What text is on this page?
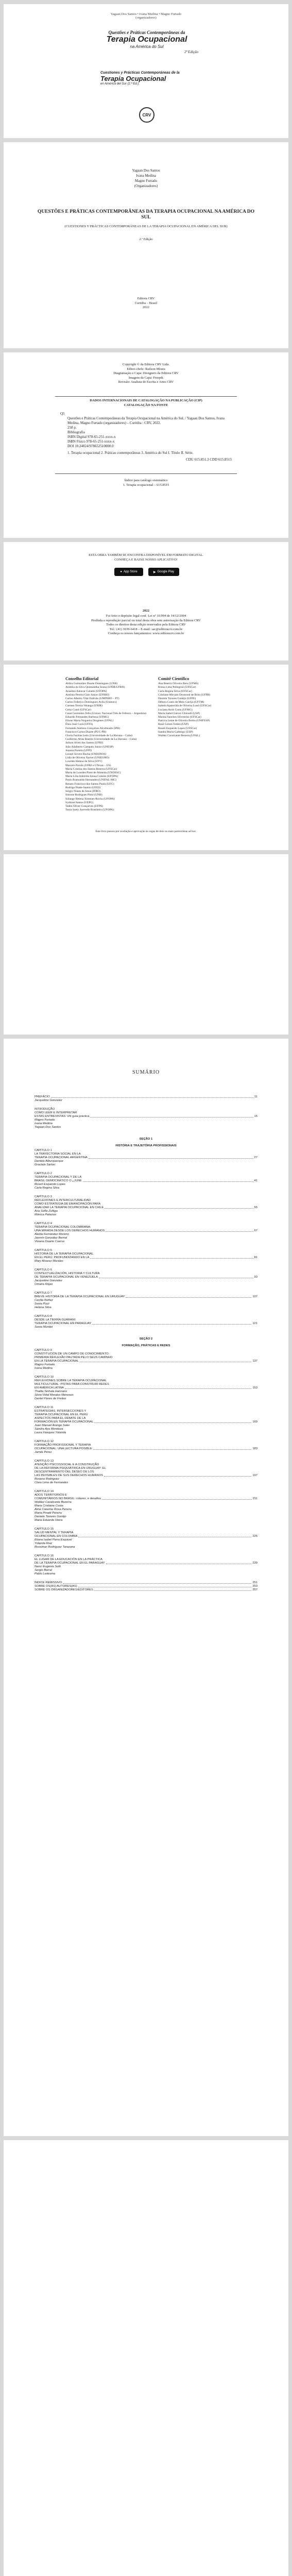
Yagaan Dos Santos • Ivana Medina • Magno Furtado
(organizadores)
Questões e Práticas Contemporâneas da
Terapia Ocupacional
na América do Sul
2ª Edição
Cuestiones y Prácticas Contemporáneas de la
Terapia Ocupacional
en América del Sur (2.ª Ed.)
CRV
Yagaan Dos Santos
Ivana Medina
Magno Furtado
(Organizadores)
QUESTÕES E PRÁTICAS CONTEMPORÂNEAS DA TERAPIA OCUPACIONAL NA AMÉRICA DO SUL
(CUESTIONES Y PRÁCTICAS CONTEMPORÁNEAS DE LA TERAPIA OCUPACIONAL EN AMÉRICA DEL SUR)
2.ª Edição
Editora CRV
Curitiba – Brasil
2022
Copyright © da Editora CRV Ltda.
Editor-chefe: Railson Moura
Diagramação e Capa: Designers da Editora CRV
Imagem da Capa: Freepik
Revisão: Analista de Escrita e Artes CRV
DADOS INTERNACIONAIS DE CATALOGAÇÃO NA PUBLICAÇÃO (CIP)
CATALOGAÇÃO NA FONTE
Q5
Questões e Práticas Contemporâneas da Terapia Ocupacional na América do Sul. / Yagaan Dos Santos, Ivana Medina, Magno Furtado (organizadores) – Curitiba : CRV, 2022.
258 p.
Bibliografia
ISBN Digital 978-65-251-xxxx-x
ISBN Físico 978-65-251-xxxx-x
DOI 10.24824/978652510000.0
1. Terapia ocupacional 2. Práticas contemporâneas 3. América do Sul I. Título II. Série.
CDU 615.851.3 CDD 615.8515
Índice para catálogo sistemático
1. Terapia ocupacional – 615.8515
ESTA OBRA TAMBÉM SE ENCONTRA DISPONÍVEL EM FORMATO DIGITAL.
CONHEÇA E BAIXE NOSSO APLICATIVO!
● App Store	▶ Google Play
2022
Foi feito o depósito legal conf. Lei nº 10.994 de 14/12/2004
Proibida a reprodução parcial ou total desta obra sem autorização da Editora CRV
Todos os direitos desta edição reservados pela Editora CRV
Tel.: (41) 3039-6418 – E-mail: sac@editoracrv.com.br
Conheça os nossos lançamentos: www.editoracrv.com.br
Conselho Editorial
Aldira Guimarães Duarte Domínguez (UNB)
Andréia da Silva Quintanilha Sousa (UNIR/UFRN)
Anselmo Alencar Colares (UFOPA)
Antônio Pereira Gaio Júnior (UFRRJ)
Carlos Alberto Vilar Estêvão (UMINHO – PT)
Carlos Federico Dominguez Avila (Unieuro)
Carmen Tereza Velanga (UNIR)
Celso Conti (UFSCar)
Cesar Gerónimo Tello (Univer. Nacional Três de Febrero – Argentina)
Eduardo Fernandes Barbosa (UFMG)
Elione Maria Nogueira Diogenes (UFAL)
Élsio José Corá (UFFS)
Fernando Antônio Gonçalves Alcoforado (IPB)
Francisco Carlos Duarte (PUC-PR)
Gloria Fariñas León (Universidade de La Havana – Cuba)
Guillermo Arias Beatón (Universidade de La Havana – Cuba)
Jailson Alves dos Santos (UFRJ)
João Adalberto Campato Junior (UNESP)
Josania Portela (UFPI)
Leonel Severo Rocha (UNISINOS)
Lídia de Oliveira Xavier (UNIEURO)
Lourdes Helena da Silva (UFV)
Marcelo Paixão (UFRJ e UTexas – US)
Maria Cristina dos Santos Bezerra (UFSCar)
Maria de Lourdes Pinto de Almeida (UNOESC)
Maria Lília Imbiriba Sousa Colares (UFOPA)
Paulo Romualdo Hernandes (UNIFAL-MG)
Renato Francisco dos Santos Paula (UFG)
Rodrigo Pratte-Santos (UFES)
Sérgio Nunes de Jesus (IFRO)
Simone Rodrigues Pinto (UNB)
Solange Helena Ximenes-Rocha (UFOPA)
Sydione Santos (UEPG)
Tadeu Oliver Gonçalves (UFPA)
Tania Suely Azevedo Brasileiro (UFOPA)
Comitê Científico
Ana Beatriz Oliveira Reis (UFMS)
Bruna Lima Pellegrini (UFSCar)
Carla Regina Silva (UFSCar)
Cristiane Miryam Drumond de Brito (UFPB)
Daniela Tavares Gontijo (UFPE)
Débora Couto de Melo Carrijo (UFTM)
Isabela Aparecida de Oliveira Lussi (UFSCar)
Luciana Assis Costa (UFMG)
Maria Isabel Garcez Ghirardi (USP)
Marina Sanches Silvestrini (UFSCar)
Patrícia Leme de Oliveira Borba (UNIFESP)
Rosé Colom Toldrá (USP)
Roseli Esquerdo Lopes (UFSCar)
Sandra Maria Galheigo (USP)
Waldez Cavalcante Bezerra (UFAL)
Este livro passou por avaliação e aprovação às cegas de dois ou mais pareceristas ad hoc.
SUMÁRIO
PREFÁCIO	11
Jacqueline Gonzalez
INTRODUÇÃO
COMO LEER E INTERPRETAR
ESTAS ENTREVISTAS: UN guía práctica	15
Magno Furtado
Ivana Medina
Yagaan Dos Santos
SEÇÃO 1
HISTÓRIA E TRAJETÓRIA PROFISSIONAIS
CAPÍTULO 1
LA TRAYECTORIA SOCIAL EN LA
TERAPIA OCUPACIONAL ARGENTINA	27
Daniela Alburquerque
Graciela Sartori
CAPÍTULO 2
TERAPIA OCUPACIONAL Y DE LA
BRASIL DEMOCRÁTICO O ¿JUNE	41
Roseli Esquerdo Lopes
Carla Regina Silva
CAPÍTULO 3
REFLEXIONES E INTERCULTURALIDAD
COMO ESTRATEGIA DE EMANCIPACIÓN PARA
ANALIZAR LA TERAPIA OCUPACIONAL EN CHILE	55
Ana Sofía Zuñiga
Mónica Palacios
CAPÍTULO 4
TERAPIA OCUPACIONAL COLOMBIANA:
UNA MIRADA DESDE LOS DERECHOS HUMANOS	67
Aleida Fernández Moreno
Jasmín González Bernal
Viviana Duarte Cuervo
CAPÍTULO 5
HISTORIA DE LA TERAPIA OCUPACIONAL
EN EL PERÚ: PROFUNDIZANDO EN LA	81
Mary Alvarez Morales
CAPÍTULO 6
CONTEXTUALIZACIÓN, HISTORIA Y CULTURA
DE TERAPIA OCUPACIONAL EN VENEZUELA	93
Jacqueline Gonzalez
Omaira Rojas
CAPÍTULO 7
BREVE HISTORIA DE LA TERAPIA OCUPACIONAL EN URUGUAY	107
Cecilia Núñez
Sonia Pizzi
Helena Silva
CAPÍTULO 8
DESDE LA TIERRA GUARANÍ:
TERAPIA OCUPACIONAL EN PARAGUAY	121
Sonia Montiel
SEÇÃO 2
FORMAÇÃO, PRÁTICAS E REDES
CAPÍTULO 9
CONSTITUCIÓN DE UN CAMPO DE CONOCIMIENTO:
PRIMEIRA REFLEXÃO PAUTADA PELO SEUS CAMINHO
EN LA TERAPIA OCUPACIONAL	137
Magno Furtado
Ivana Medina
CAPÍTULO 10
REFLEXIONES SOBRE LA TERAPIA OCUPACIONAL
MULTICULTURAL: PISTAS PARA CONSTRUIR REDES
EN AMÉRICA LATINA	153
Thalita Sinhala Hannans
Silvia Vidal Morales Meneses
Daniel Flores de Freitas
CAPÍTULO 11
ESTRATEGIAS, INTERSECCIONES Y
TERAPIA OCUPACIONAL EN EL PERÚ
ASPECTOS PARA EL DEBATE DE LA
FORMACIÓN EN TERAPIA OCUPACIONAL	169
Juan Manuel Arango Soler
Sandra Aya Mendoza
Laura Vasquez Yolanda
CAPÍTULO 12
FORMAÇÃO PROFISSIONAL Y TERAPIA
OCUPACIONAL: UNA LECTURA POSIBLE	183
Jamile Pérez
CAPÍTULO 13
ATENÇÃO PSICOSSOCIAL E A CONSTRUÇÃO
DE LA REFORMA PSIQUIÁTRICA EN URUGUAY: EL
DESCENTRAMIENTO DEL DESEO DE LOS
LAS INVISIBLES DE SUS DERECHOS HUMANOS	197
Rosana Rodriguez
Clara Lima de Fernandes
CAPÍTULO 14
ADOS TERRITORIOS E
COMUNITÁRIOS NO BRASIL: colares, e desafios	211
Waldez Cavalcante Bezerra
Maria Cristiane Costa
Aline Catarine Rosa Pereira
Marta Pinatti Pereira
Daniela Tavares Gontijo
Maria Eduarda Vieira
CAPÍTULO 15
SALUD MENTAL Y TERAPIA
OCUPACIONAL EN COLOMBIA	225
Eliana Isabel Parra Esquivel
Yolanda Ruiz
Rossimar Rodríguez Tarazona
CAPÍTULO 16
EL LUGAR DE LA EDUCACIÓN EN LA PRÁCTICA
DE LA TERAPIA OCUPACIONAL EN EL PARAGUAY	239
Nanci Eugenia Sotti
Sergio Barral
Pablo Ledesma
ÍNDICE REMISSIVO	251
SOBRE OS(AS) AUTORES(AS)	253
SOBRE OS ORGANIZADORES/EDITORES	257
